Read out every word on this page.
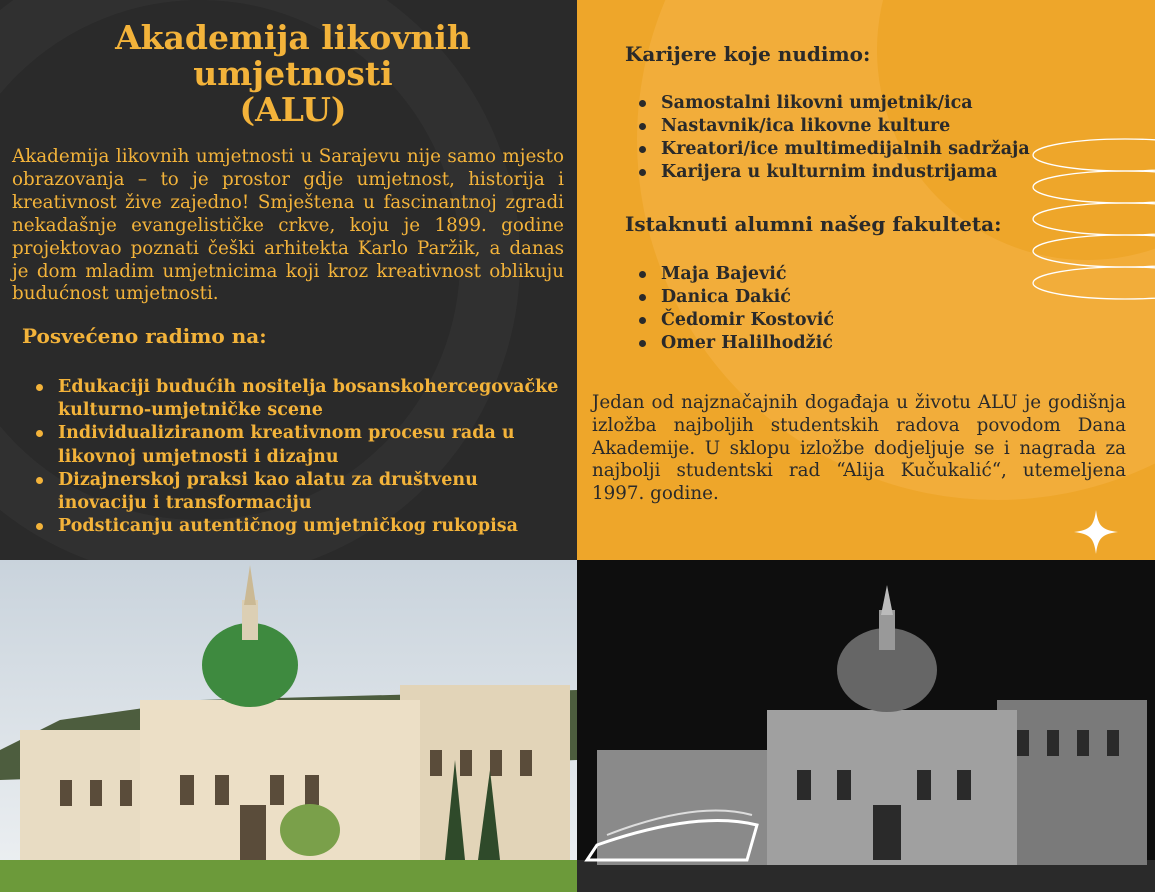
Akademija likovnih
umjetnosti
(ALU)
Akademija likovnih umjetnosti u Sarajevu nije samo mjesto obrazovanja – to je prostor gdje umjetnost, historija i kreativnost žive zajedno! Smještena u fascinantnoj zgradi nekadašnje evangelističke crkve, koju je 1899. godine projektovao poznati češki arhitekta Karlo Paržik, a danas je dom mladim umjetnicima koji kroz kreativnost oblikuju budućnost umjetnosti.
Posvećeno radimo na:
Edukaciji budućih nositelja bosanskohercegovačke kulturno-umjetničke scene
Individualiziranom kreativnom procesu rada u likovnoj umjetnosti i dizajnu
Dizajnerskoj praksi kao alatu za društvenu inovaciju i transformaciju
Podsticanju autentičnog umjetničkog rukopisa
Karijere koje nudimo:
Samostalni likovni umjetnik/ica
Nastavnik/ica likovne kulture
Kreatori/ice multimedijalnih sadržaja
Karijera u kulturnim industrijama
Istaknuti alumni našeg fakulteta:
Maja Bajević
Danica Dakić
Čedomir Kostović
Omer Halilhodžić
Jedan od najznačajnih događaja u životu ALU je godišnja izložba najboljih studentskih radova povodom Dana Akademije. U sklopu izložbe dodjeljuje se i nagrada za najbolji studentski rad “Alija Kučukalić“, utemeljena 1997. godine.
